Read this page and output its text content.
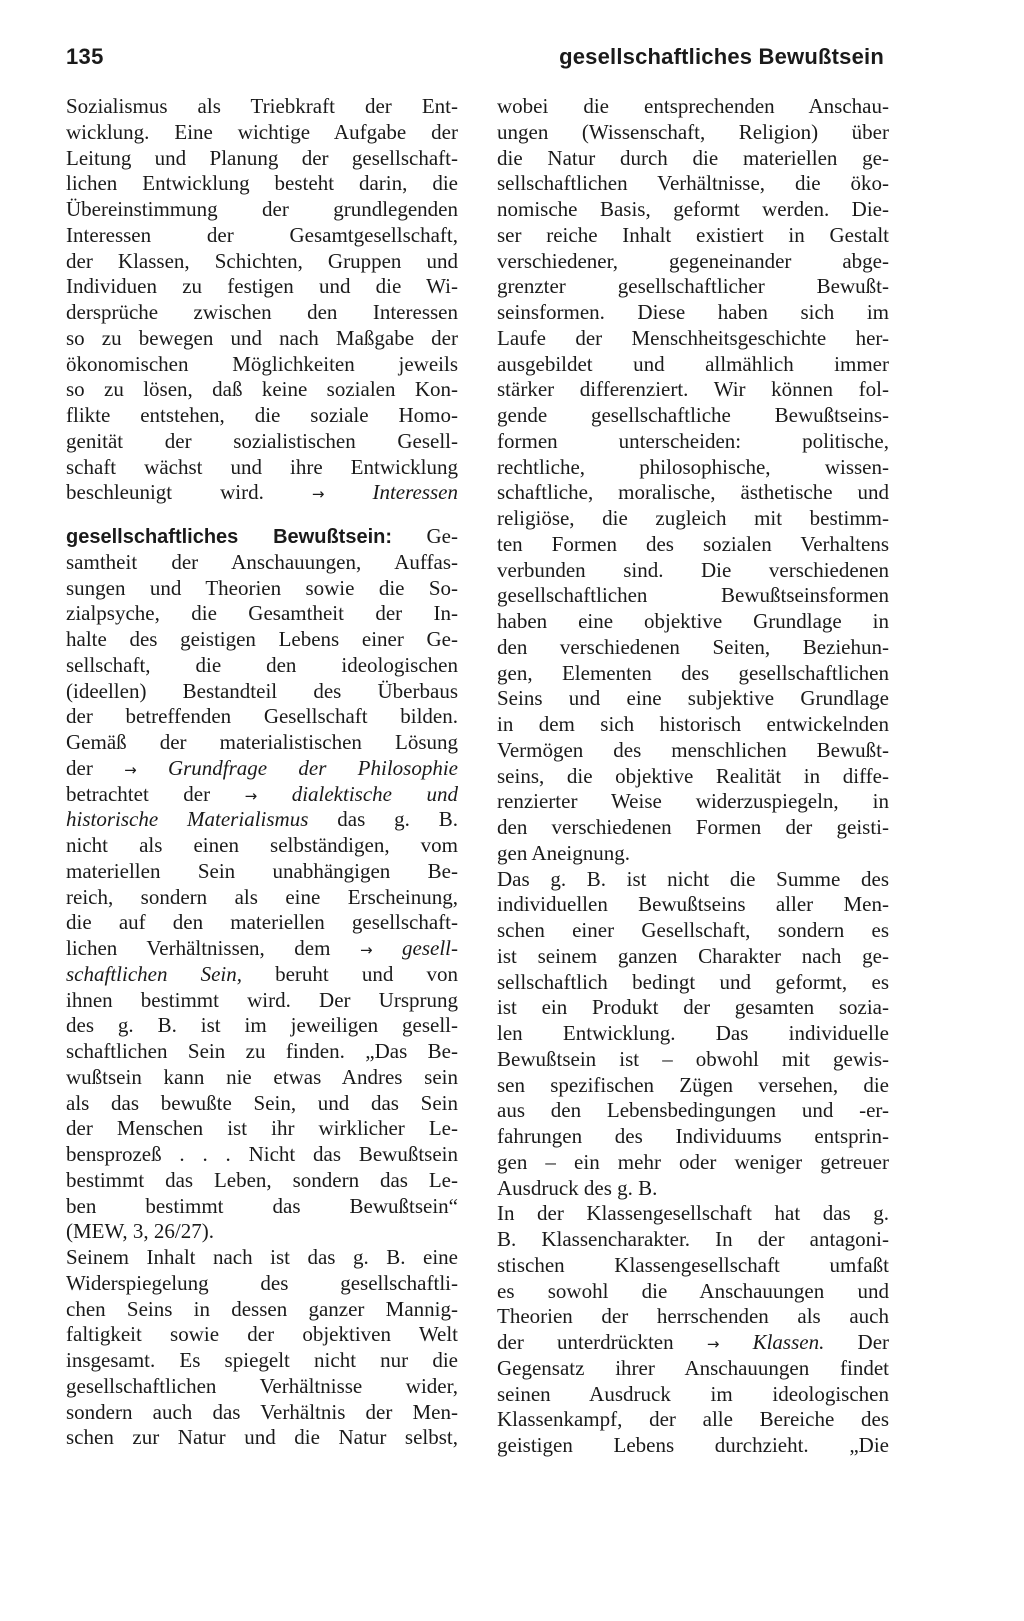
135	gesellschaftliches Bewußtsein
Sozialismus als Triebkraft der Ent-
wicklung. Eine wichtige Aufgabe der
Leitung und Planung der gesellschaft-
lichen Entwicklung besteht darin, die
Übereinstimmung der grundlegenden
Interessen der Gesamtgesellschaft,
der Klassen, Schichten, Gruppen und
Individuen zu festigen und die Wi-
dersprüche zwischen den Interessen
so zu bewegen und nach Maßgabe der
ökonomischen Möglichkeiten jeweils
so zu lösen, daß keine sozialen Kon-
flikte entstehen, die soziale Homo-
genität der sozialistischen Gesell-
schaft wächst und ihre Entwicklung
beschleunigt wird. → Interessen
gesellschaftliches Bewußtsein: Ge-
samtheit der Anschauungen, Auffas-
sungen und Theorien sowie die So-
zialpsyche, die Gesamtheit der In-
halte des geistigen Lebens einer Ge-
sellschaft, die den ideologischen
(ideellen) Bestandteil des Überbaus
der betreffenden Gesellschaft bilden.
Gemäß der materialistischen Lösung
der → Grundfrage der Philosophie
betrachtet der → dialektische und
historische Materialismus das g. B.
nicht als einen selbständigen, vom
materiellen Sein unabhängigen Be-
reich, sondern als eine Erscheinung,
die auf den materiellen gesellschaft-
lichen Verhältnissen, dem → gesell-
schaftlichen Sein, beruht und von
ihnen bestimmt wird. Der Ursprung
des g. B. ist im jeweiligen gesell-
schaftlichen Sein zu finden. „Das Be-
wußtsein kann nie etwas Andres sein
als das bewußte Sein, und das Sein
der Menschen ist ihr wirklicher Le-
bensprozeß . . . Nicht das Bewußtsein
bestimmt das Leben, sondern das Le-
ben bestimmt das Bewußtsein“
(MEW, 3, 26/27).
Seinem Inhalt nach ist das g. B. eine
Widerspiegelung des gesellschaftli-
chen Seins in dessen ganzer Mannig-
faltigkeit sowie der objektiven Welt
insgesamt. Es spiegelt nicht nur die
gesellschaftlichen Verhältnisse wider,
sondern auch das Verhältnis der Men-
schen zur Natur und die Natur selbst,
wobei die entsprechenden Anschau-
ungen (Wissenschaft, Religion) über
die Natur durch die materiellen ge-
sellschaftlichen Verhältnisse, die öko-
nomische Basis, geformt werden. Die-
ser reiche Inhalt existiert in Gestalt
verschiedener, gegeneinander abge-
grenzter gesellschaftlicher Bewußt-
seinsformen. Diese haben sich im
Laufe der Menschheitsgeschichte her-
ausgebildet und allmählich immer
stärker differenziert. Wir können fol-
gende gesellschaftliche Bewußtseins-
formen unterscheiden: politische,
rechtliche, philosophische, wissen-
schaftliche, moralische, ästhetische und
religiöse, die zugleich mit bestimm-
ten Formen des sozialen Verhaltens
verbunden sind. Die verschiedenen
gesellschaftlichen Bewußtseinsformen
haben eine objektive Grundlage in
den verschiedenen Seiten, Beziehun-
gen, Elementen des gesellschaftlichen
Seins und eine subjektive Grundlage
in dem sich historisch entwickelnden
Vermögen des menschlichen Bewußt-
seins, die objektive Realität in diffe-
renzierter Weise widerzuspiegeln, in
den verschiedenen Formen der geisti-
gen Aneignung.
Das g. B. ist nicht die Summe des
individuellen Bewußtseins aller Men-
schen einer Gesellschaft, sondern es
ist seinem ganzen Charakter nach ge-
sellschaftlich bedingt und geformt, es
ist ein Produkt der gesamten sozia-
len Entwicklung. Das individuelle
Bewußtsein ist – obwohl mit gewis-
sen spezifischen Zügen versehen, die
aus den Lebensbedingungen und -er-
fahrungen des Individuums entsprin-
gen – ein mehr oder weniger getreuer
Ausdruck des g. B.
In der Klassengesellschaft hat das g.
B. Klassencharakter. In der antagoni-
stischen Klassengesellschaft umfaßt
es sowohl die Anschauungen und
Theorien der herrschenden als auch
der unterdrückten → Klassen. Der
Gegensatz ihrer Anschauungen findet
seinen Ausdruck im ideologischen
Klassenkampf, der alle Bereiche des
geistigen Lebens durchzieht. „Die
